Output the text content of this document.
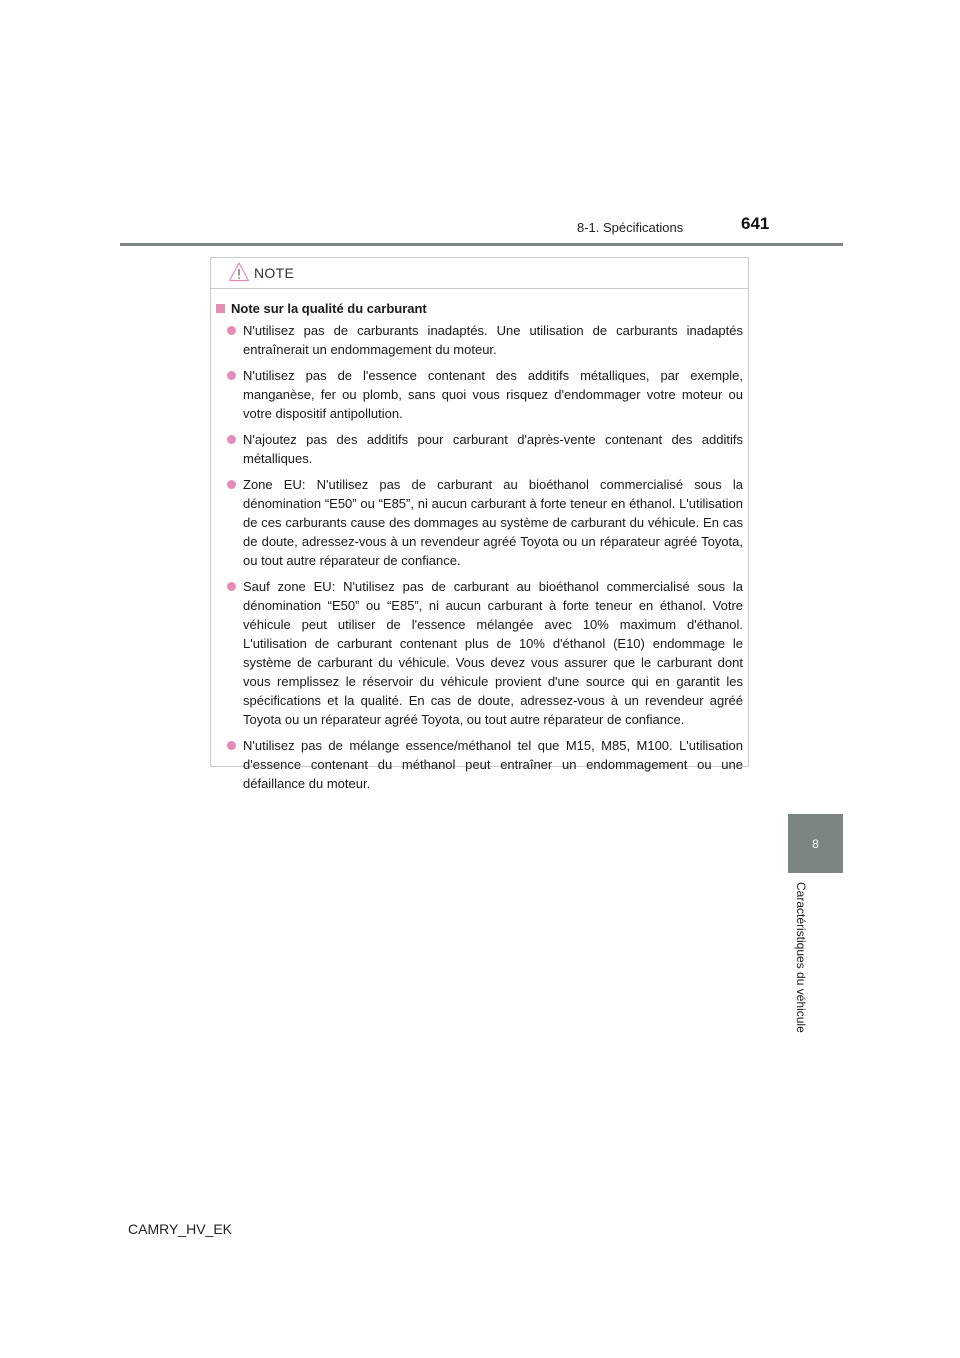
8-1. Spécifications	641
8
Caractéristiques du véhicule
NOTE
Note sur la qualité du carburant
N'utilisez pas de carburants inadaptés. Une utilisation de carburants inadaptés entraînerait un endommagement du moteur.
N'utilisez pas de l'essence contenant des additifs métalliques, par exemple, manganèse, fer ou plomb, sans quoi vous risquez d'endommager votre moteur ou votre dispositif antipollution.
N'ajoutez pas des additifs pour carburant d'après-vente contenant des additifs métalliques.
Zone EU: N'utilisez pas de carburant au bioéthanol commercialisé sous la dénomination “E50” ou “E85”, ni aucun carburant à forte teneur en éthanol. L'utilisation de ces carburants cause des dommages au système de carburant du véhicule. En cas de doute, adressez-vous à un revendeur agréé Toyota ou un réparateur agréé Toyota, ou tout autre réparateur de confiance.
Sauf zone EU: N'utilisez pas de carburant au bioéthanol commercialisé sous la dénomination “E50” ou “E85”, ni aucun carburant à forte teneur en éthanol. Votre véhicule peut utiliser de l'essence mélangée avec 10% maximum d'éthanol. L'utilisation de carburant contenant plus de 10% d'éthanol (E10) endommage le système de carburant du véhicule. Vous devez vous assurer que le carburant dont vous remplissez le réservoir du véhicule provient d'une source qui en garantit les spécifications et la qualité. En cas de doute, adressez-vous à un revendeur agréé Toyota ou un réparateur agréé Toyota, ou tout autre réparateur de confiance.
N'utilisez pas de mélange essence/méthanol tel que M15, M85, M100. L'utilisation d'essence contenant du méthanol peut entraîner un endommagement ou une défaillance du moteur.
CAMRY_HV_EK
